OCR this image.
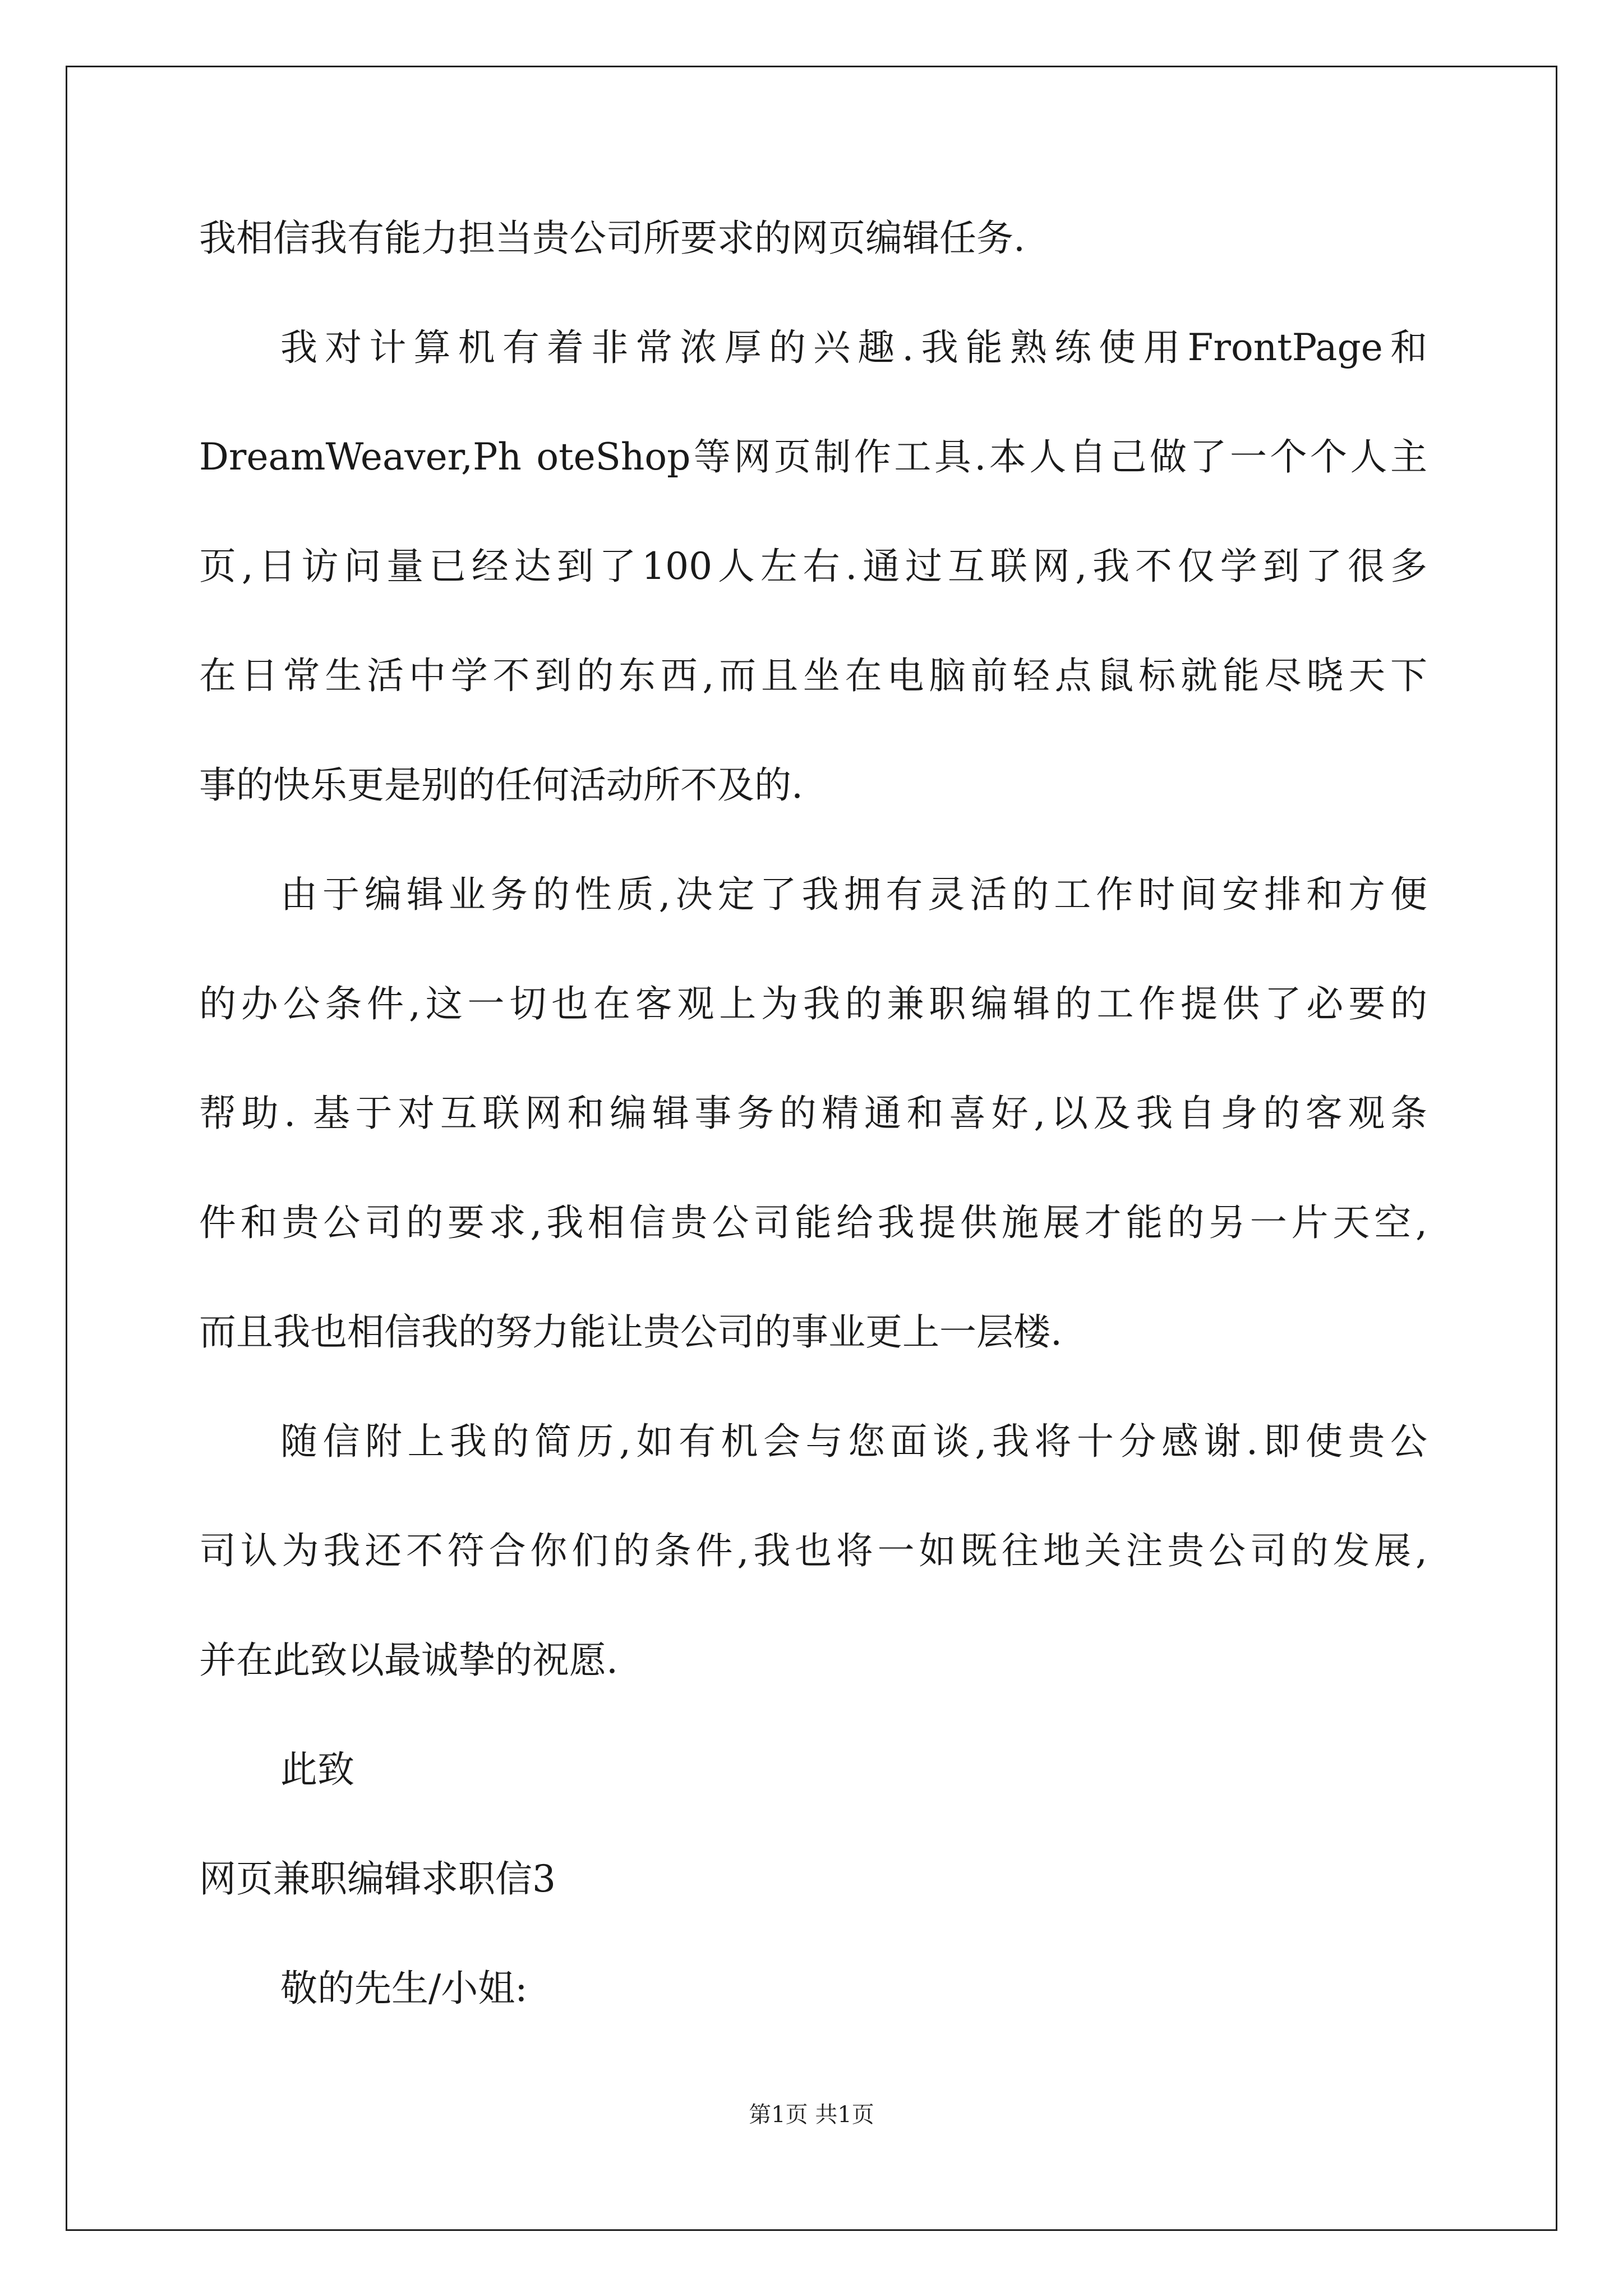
我相信我有能力担当贵公司所要求的网页编辑任务.
我对计算机有着非常浓厚的兴趣.我能熟练使用FrontPage和
DreamWeaver,Ph oteShop等网页制作工具.本人自己做了一个个人主
页,日访问量已经达到了100人左右.通过互联网,我不仅学到了很多
在日常生活中学不到的东西,而且坐在电脑前轻点鼠标就能尽晓天下
事的快乐更是别的任何活动所不及的.
由于编辑业务的性质,决定了我拥有灵活的工作时间安排和方便
的办公条件,这一切也在客观上为我的兼职编辑的工作提供了必要的
帮助. 基于对互联网和编辑事务的精通和喜好,以及我自身的客观条
件和贵公司的要求,我相信贵公司能给我提供施展才能的另一片天空,
而且我也相信我的努力能让贵公司的事业更上一层楼.
随信附上我的简历,如有机会与您面谈,我将十分感谢.即使贵公
司认为我还不符合你们的条件,我也将一如既往地关注贵公司的发展,
并在此致以最诚挚的祝愿.
此致
网页兼职编辑求职信3
敬的先生/小姐:
第1页 共1页
